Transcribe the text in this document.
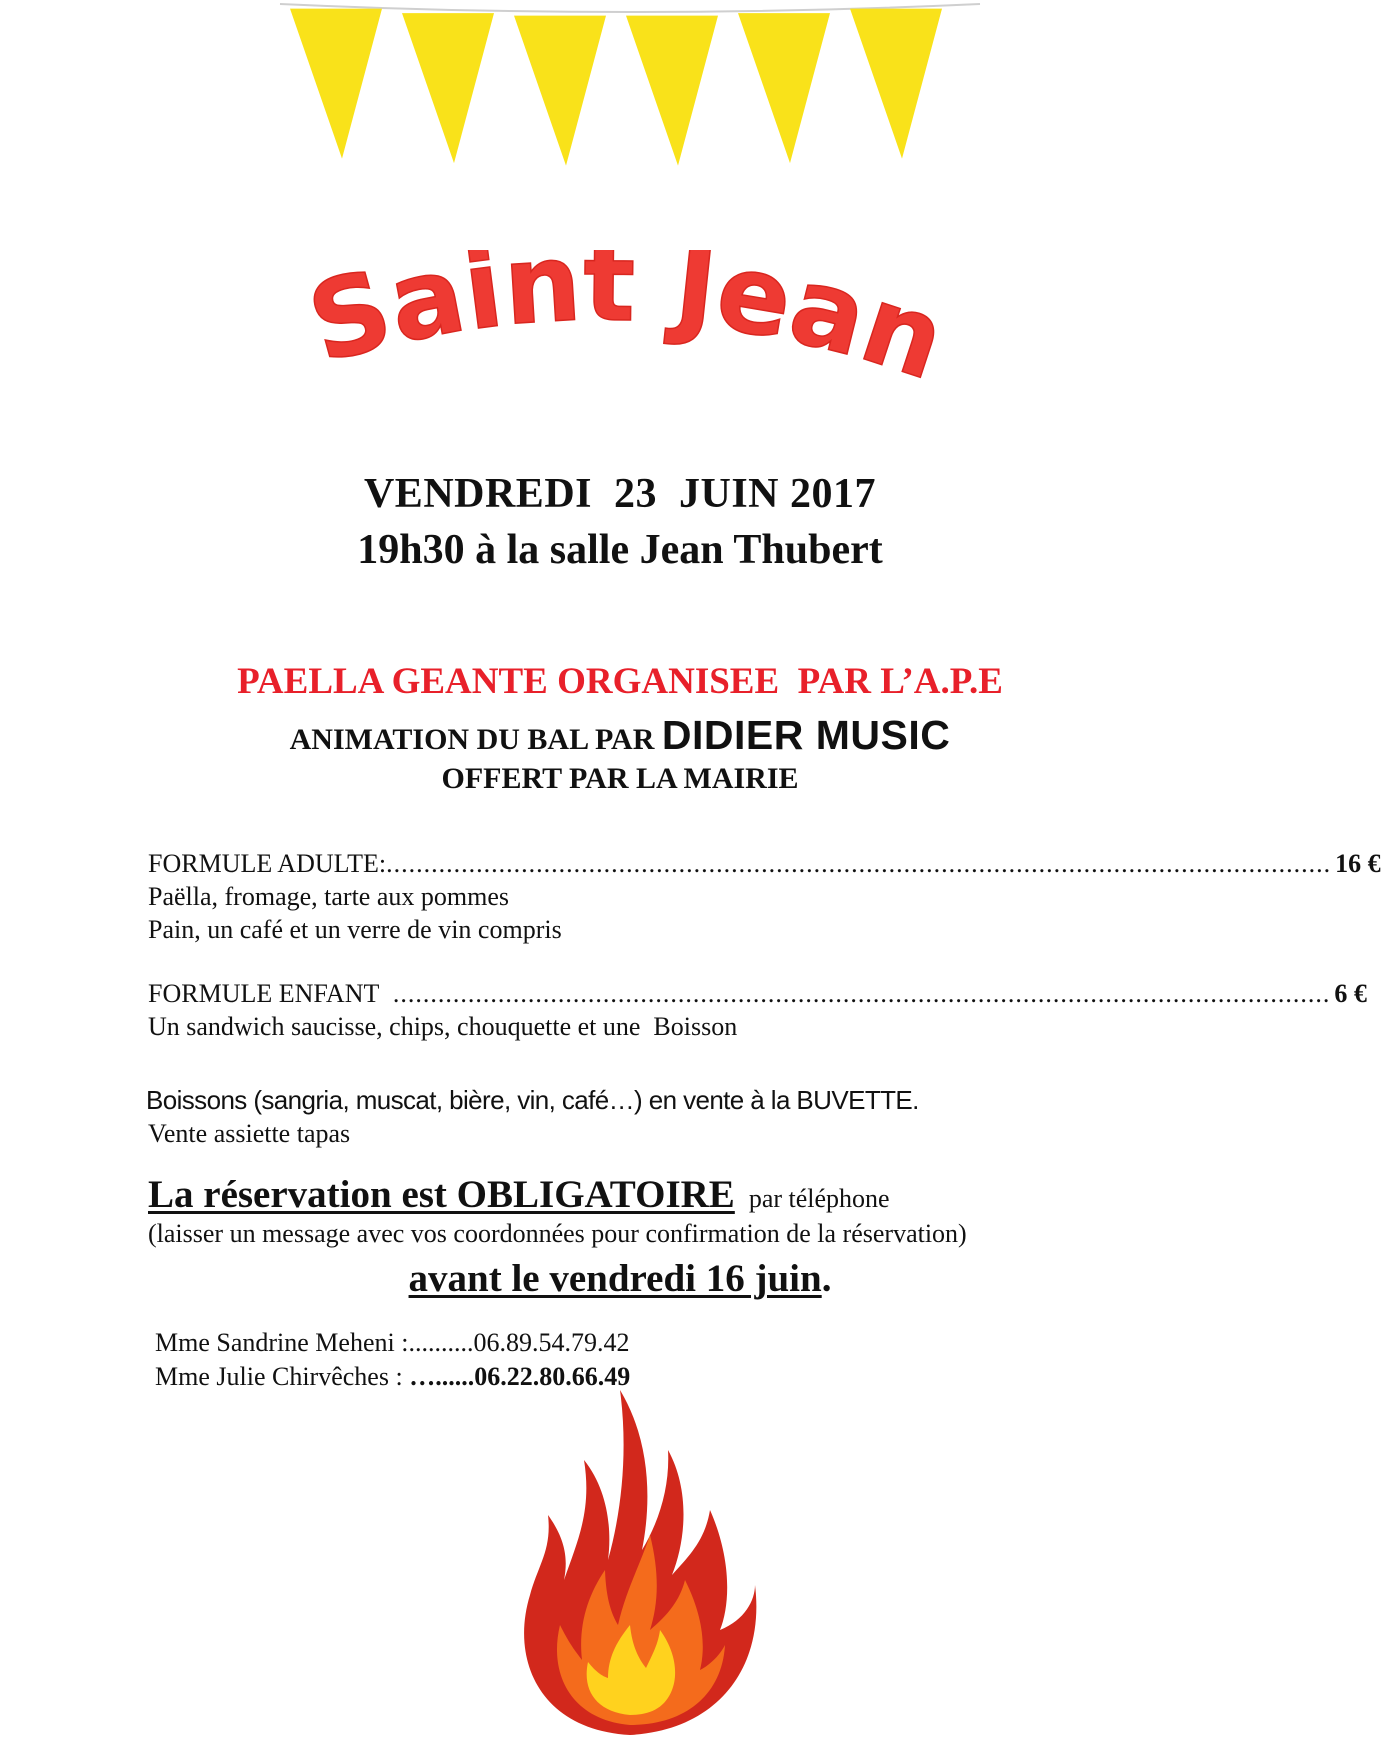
Saint Jean
VENDREDI  23  JUIN 2017
19h30 à la salle Jean Thubert
PAELLA GEANTE ORGANISEE  PAR L’A.P.E
ANIMATION DU BAL PAR DIDIER MUSIC
OFFERT PAR LA MAIRIE
FORMULE ADULTE: .............................................................................................................................. 16 €
Paëlla, fromage, tarte aux pommes
Pain, un café et un verre de vin compris
FORMULE ENFANT ............................................................................................................................. 6 €
Un sandwich saucisse, chips, chouquette et une  Boisson
Boissons (sangria, muscat, bière, vin, café…) en vente à la BUVETTE.
Vente assiette tapas
La réservation est OBLIGATOIRE par téléphone
(laisser un message avec vos coordonnées pour confirmation de la réservation)
avant le vendredi 16 juin.
Mme Sandrine Meheni :..........06.89.54.79.42
Mme Julie Chirvêches : …......06.22.80.66.49
